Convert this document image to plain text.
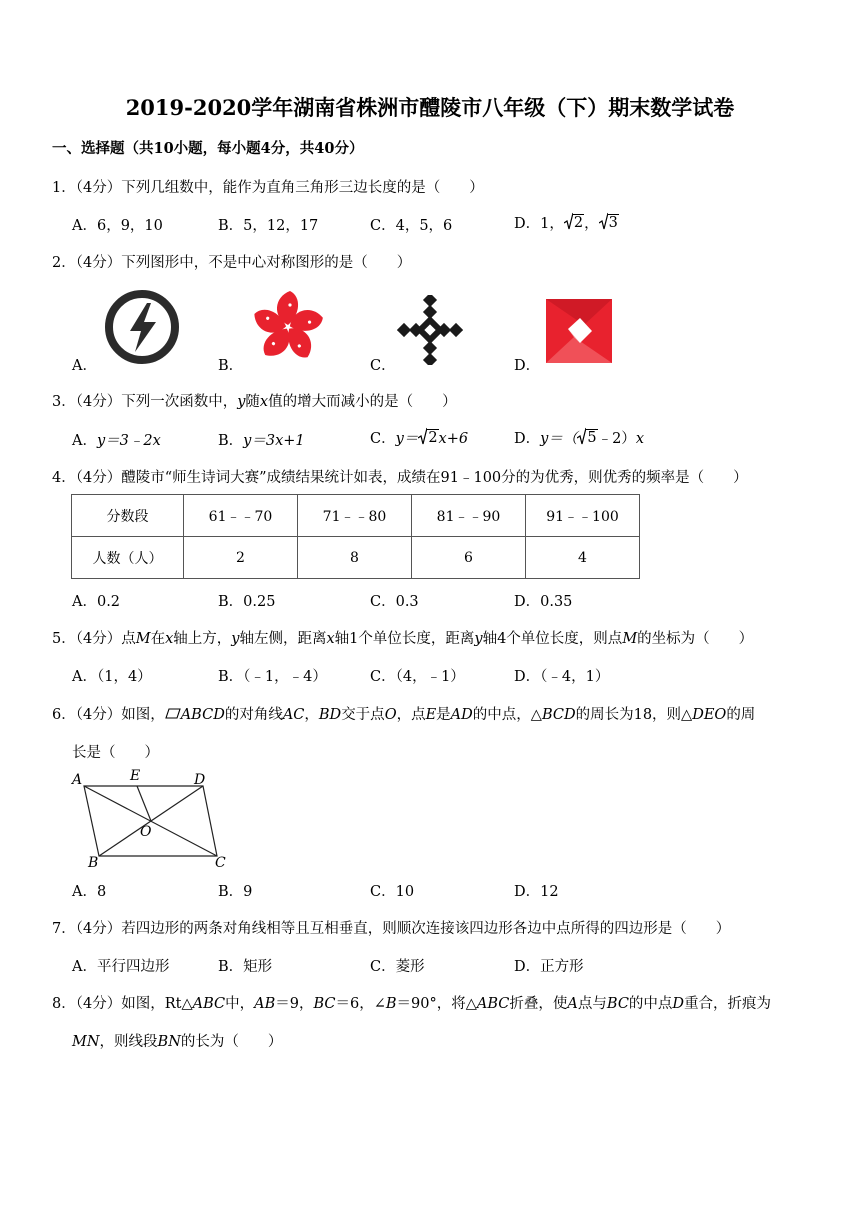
2019-2020学年湖南省株洲市醴陵市八年级（下）期末数学试卷
一、选择题（共10小题，每小题4分，共40分）
1．（4分）下列几组数中，能作为直角三角形三边长度的是（　　）
A．6，9，10	B．5，12，17	C．4，5，6	D．1， 2 ， 3
2．（4分）下列图形中，不是中心对称图形的是（　　）
A．	B．	C．	D．
3．（4分）下列一次函数中，y随x值的增大而减小的是（　　）
A．y＝3﹣2x	B．y＝3x+1	C．y＝ 2 x+6	D．y＝（ 5 ﹣2）x
4．（4分）醴陵市“师生诗词大赛”成绩结果统计如表，成绩在91﹣100分的为优秀，则优秀的频率是（　　）
分数段	61﹣﹣70	71﹣﹣80	81﹣﹣90	91﹣﹣100
人数（人）	2	8	6	4
A．0.2	B．0.25	C．0.3	D．0.35
5．（4分）点M在x轴上方，y轴左侧，距离x轴1个单位长度，距离y轴4个单位长度，则点M的坐标为（　　）
A．（1，4）	B．（﹣1，﹣4）	C．（4，﹣1）	D．（﹣4，1）
6．（4分）如图， ABCD的对角线AC，BD交于点O，点E是AD的中点，△BCD的周长为18，则△DEO的周
长是（　　）
A	E	D
O
B	C
A．8	B．9	C．10	D．12
7．（4分）若四边形的两条对角线相等且互相垂直，则顺次连接该四边形各边中点所得的四边形是（　　）
A．平行四边形	B．矩形	C．菱形	D．正方形
8．（4分）如图，Rt△ABC中，AB＝9，BC＝6，∠B＝90°，将△ABC折叠，使A点与BC的中点D重合，折痕为
MN，则线段BN的长为（　　）
